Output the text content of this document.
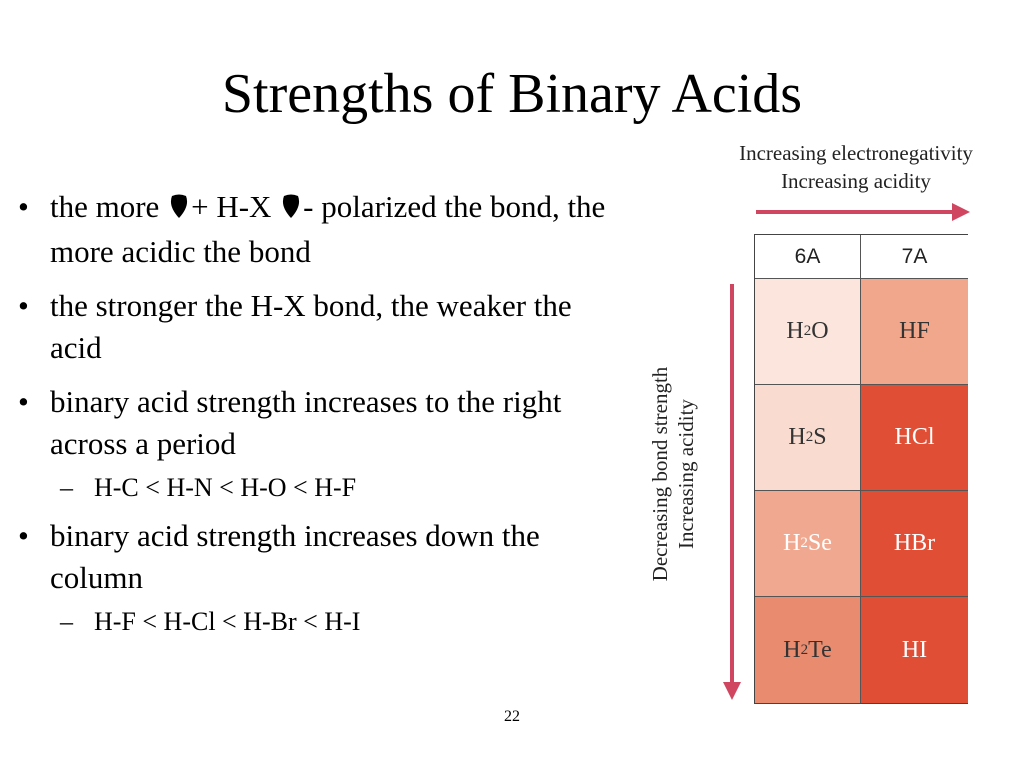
Strengths of Binary Acids
• the more + H-X - polarized the bond, the more acidic the bond
• the stronger the H-X bond, the weaker the acid
• binary acid strength increases to the right across a period
– H-C < H-N < H-O < H-F
• binary acid strength increases down the column
– H-F < H-Cl < H-Br < H-I
Increasing electronegativity
Increasing acidity
Decreasing bond strength Increasing acidity
6A	7A
H 2 O	HF
H 2 S	HCl
H 2 Se	HBr
H 2 Te	HI
22
